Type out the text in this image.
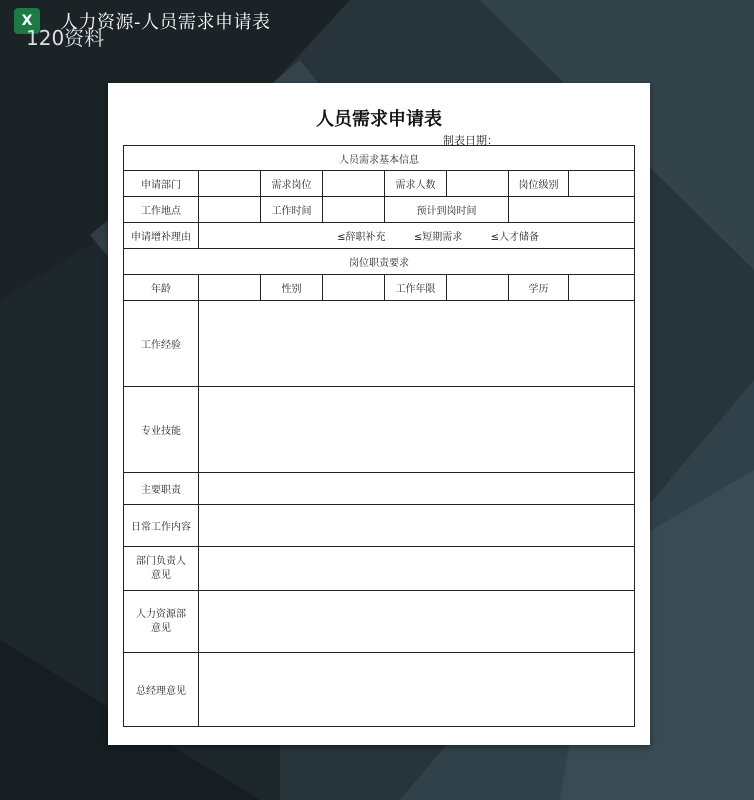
X 人力资源-人员需求申请表
120资料
人员需求申请表
制表日期：
人员需求基本信息							
申请部门		需求岗位		需求人数		岗位级别	
工作地点		工作时间		预计到岗时间			
申请增补理由	≤辞职补充 ≤短期需求 ≤人才储备						
岗位职责要求							
年龄		性别		工作年限		学历	
工作经验							
专业技能							
主要职责							
日常工作内容							
部门负责人
意见							
人力资源部
意见							
总经理意见							
